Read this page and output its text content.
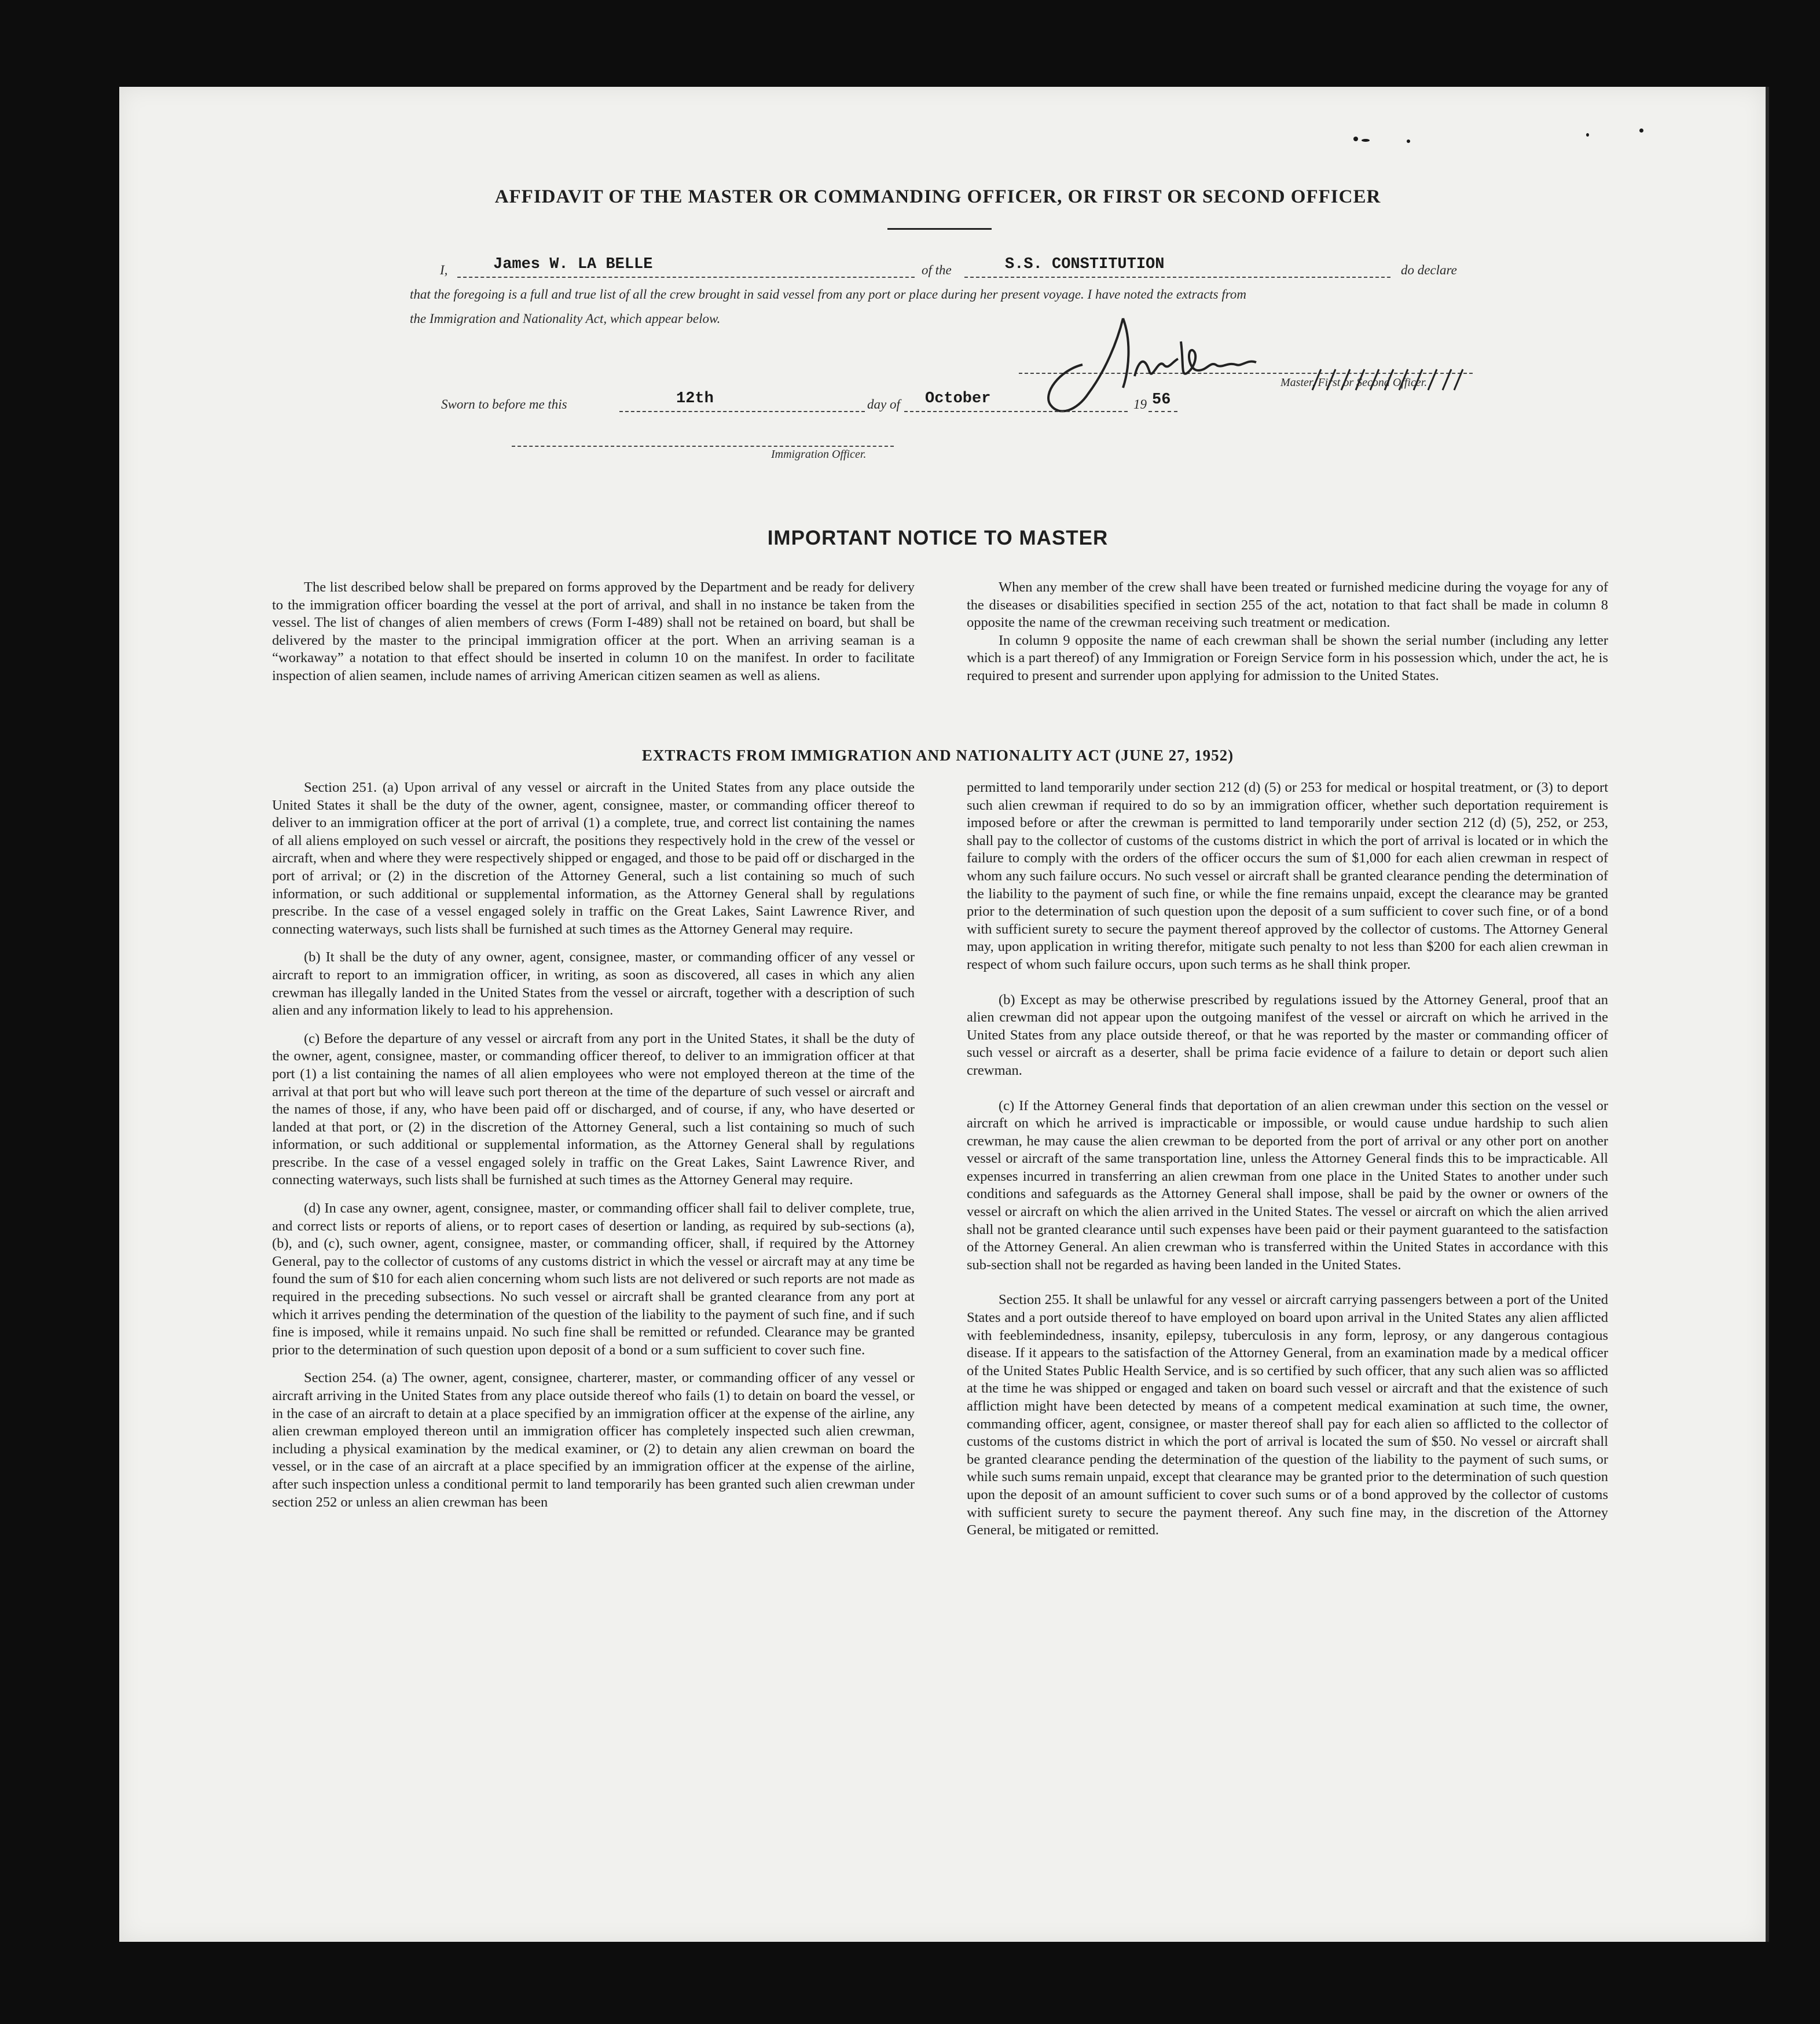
AFFIDAVIT OF THE MASTER OR COMMANDING OFFICER, OR FIRST OR SECOND OFFICER
I,	James W. LA BELLE	of the	S.S. CONSTITUTION	do declare
that the foregoing is a full and true list of all the crew brought in said vessel from any port or place during her present voyage. I have noted the extracts from
the Immigration and Nationality Act, which appear below.
Master, First or Second Officer.
Sworn to before me this	12th	day of October	19 56
Immigration Officer.
IMPORTANT NOTICE TO MASTER

The list described below shall be prepared on forms approved by the Department and be ready for delivery to the immigration officer boarding the vessel at the port of arrival, and shall in no instance be taken from the vessel. The list of changes of alien members of crews (Form I-489) shall not be retained on board, but shall be delivered by the master to the principal immigration officer at the port. When an arriving seaman is a “workaway” a notation to that effect should be inserted in column 10 on the manifest. In order to facilitate inspection of alien seamen, include names of arriving American citizen seamen as well as aliens.

When any member of the crew shall have been treated or furnished medicine during the voyage for any of the diseases or disabilities specified in section 255 of the act, notation to that fact shall be made in column 8 opposite the name of the crewman receiving such treatment or medication.

In column 9 opposite the name of each crewman shall be shown the serial number (including any letter which is a part thereof) of any Immigration or Foreign Service form in his possession which, under the act, he is required to present and surrender upon applying for admission to the United States.

EXTRACTS FROM IMMIGRATION AND NATIONALITY ACT (JUNE 27, 1952)

Section 251. (a) Upon arrival of any vessel or aircraft in the United States from any place outside the United States it shall be the duty of the owner, agent, consignee, master, or commanding officer thereof to deliver to an immigration officer at the port of arrival (1) a complete, true, and correct list containing the names of all aliens employed on such vessel or aircraft, the positions they respectively hold in the crew of the vessel or aircraft, when and where they were respectively shipped or engaged, and those to be paid off or discharged in the port of arrival; or (2) in the discretion of the Attorney General, such a list containing so much of such information, or such additional or supplemental information, as the Attorney General shall by regulations prescribe. In the case of a vessel engaged solely in traffic on the Great Lakes, Saint Lawrence River, and connecting waterways, such lists shall be furnished at such times as the Attorney General may require.

(b) It shall be the duty of any owner, agent, consignee, master, or commanding officer of any vessel or aircraft to report to an immigration officer, in writing, as soon as discovered, all cases in which any alien crewman has illegally landed in the United States from the vessel or aircraft, together with a description of such alien and any information likely to lead to his apprehension.

(c) Before the departure of any vessel or aircraft from any port in the United States, it shall be the duty of the owner, agent, consignee, master, or commanding officer thereof, to deliver to an immigration officer at that port (1) a list containing the names of all alien employees who were not employed thereon at the time of the arrival at that port but who will leave such port thereon at the time of the departure of such vessel or aircraft and the names of those, if any, who have been paid off or discharged, and of course, if any, who have deserted or landed at that port, or (2) in the discretion of the Attorney General, such a list containing so much of such information, or such additional or supplemental information, as the Attorney General shall by regulations prescribe. In the case of a vessel engaged solely in traffic on the Great Lakes, Saint Lawrence River, and connecting waterways, such lists shall be furnished at such times as the Attorney General may require.

(d) In case any owner, agent, consignee, master, or commanding officer shall fail to deliver complete, true, and correct lists or reports of aliens, or to report cases of desertion or landing, as required by sub-sections (a), (b), and (c), such owner, agent, consignee, master, or commanding officer, shall, if required by the Attorney General, pay to the collector of customs of any customs district in which the vessel or aircraft may at any time be found the sum of $10 for each alien concerning whom such lists are not delivered or such reports are not made as required in the preceding subsections. No such vessel or aircraft shall be granted clearance from any port at which it arrives pending the determination of the question of the liability to the payment of such fine, and if such fine is imposed, while it remains unpaid. No such fine shall be remitted or refunded. Clearance may be granted prior to the determination of such question upon deposit of a bond or a sum sufficient to cover such fine.

Section 254. (a) The owner, agent, consignee, charterer, master, or commanding officer of any vessel or aircraft arriving in the United States from any place outside thereof who fails (1) to detain on board the vessel, or in the case of an aircraft to detain at a place specified by an immigration officer at the expense of the airline, any alien crewman employed thereon until an immigration officer has completely inspected such alien crewman, including a physical examination by the medical examiner, or (2) to detain any alien crewman on board the vessel, or in the case of an aircraft at a place specified by an immigration officer at the expense of the airline, after such inspection unless a conditional permit to land temporarily has been granted such alien crewman under section 252 or unless an alien crewman has been

permitted to land temporarily under section 212 (d) (5) or 253 for medical or hospital treatment, or (3) to deport such alien crewman if required to do so by an immigration officer, whether such deportation requirement is imposed before or after the crewman is permitted to land temporarily under section 212 (d) (5), 252, or 253, shall pay to the collector of customs of the customs district in which the port of arrival is located or in which the failure to comply with the orders of the officer occurs the sum of $1,000 for each alien crewman in respect of whom any such failure occurs. No such vessel or aircraft shall be granted clearance pending the determination of the liability to the payment of such fine, or while the fine remains unpaid, except the clearance may be granted prior to the determination of such question upon the deposit of a sum sufficient to cover such fine, or of a bond with sufficient surety to secure the payment thereof approved by the collector of customs. The Attorney General may, upon application in writing therefor, mitigate such penalty to not less than $200 for each alien crewman in respect of whom such failure occurs, upon such terms as he shall think proper.

(b) Except as may be otherwise prescribed by regulations issued by the Attorney General, proof that an alien crewman did not appear upon the outgoing manifest of the vessel or aircraft on which he arrived in the United States from any place outside thereof, or that he was reported by the master or commanding officer of such vessel or aircraft as a deserter, shall be prima facie evidence of a failure to detain or deport such alien crewman.

(c) If the Attorney General finds that deportation of an alien crewman under this section on the vessel or aircraft on which he arrived is impracticable or impossible, or would cause undue hardship to such alien crewman, he may cause the alien crewman to be deported from the port of arrival or any other port on another vessel or aircraft of the same transportation line, unless the Attorney General finds this to be impracticable. All expenses incurred in transferring an alien crewman from one place in the United States to another under such conditions and safeguards as the Attorney General shall impose, shall be paid by the owner or owners of the vessel or aircraft on which the alien arrived in the United States. The vessel or aircraft on which the alien arrived shall not be granted clearance until such expenses have been paid or their payment guaranteed to the satisfaction of the Attorney General. An alien crewman who is transferred within the United States in accordance with this sub-section shall not be regarded as having been landed in the United States.

Section 255. It shall be unlawful for any vessel or aircraft carrying passengers between a port of the United States and a port outside thereof to have employed on board upon arrival in the United States any alien afflicted with feeblemindedness, insanity, epilepsy, tuberculosis in any form, leprosy, or any dangerous contagious disease. If it appears to the satisfaction of the Attorney General, from an examination made by a medical officer of the United States Public Health Service, and is so certified by such officer, that any such alien was so afflicted at the time he was shipped or engaged and taken on board such vessel or aircraft and that the existence of such affliction might have been detected by means of a competent medical examination at such time, the owner, commanding officer, agent, consignee, or master thereof shall pay for each alien so afflicted to the collector of customs of the customs district in which the port of arrival is located the sum of $50. No vessel or aircraft shall be granted clearance pending the determination of the question of the liability to the payment of such sums, or while such sums remain unpaid, except that clearance may be granted prior to the determination of such question upon the deposit of an amount sufficient to cover such sums or of a bond approved by the collector of customs with sufficient surety to secure the payment thereof. Any such fine may, in the discretion of the Attorney General, be mitigated or remitted.
